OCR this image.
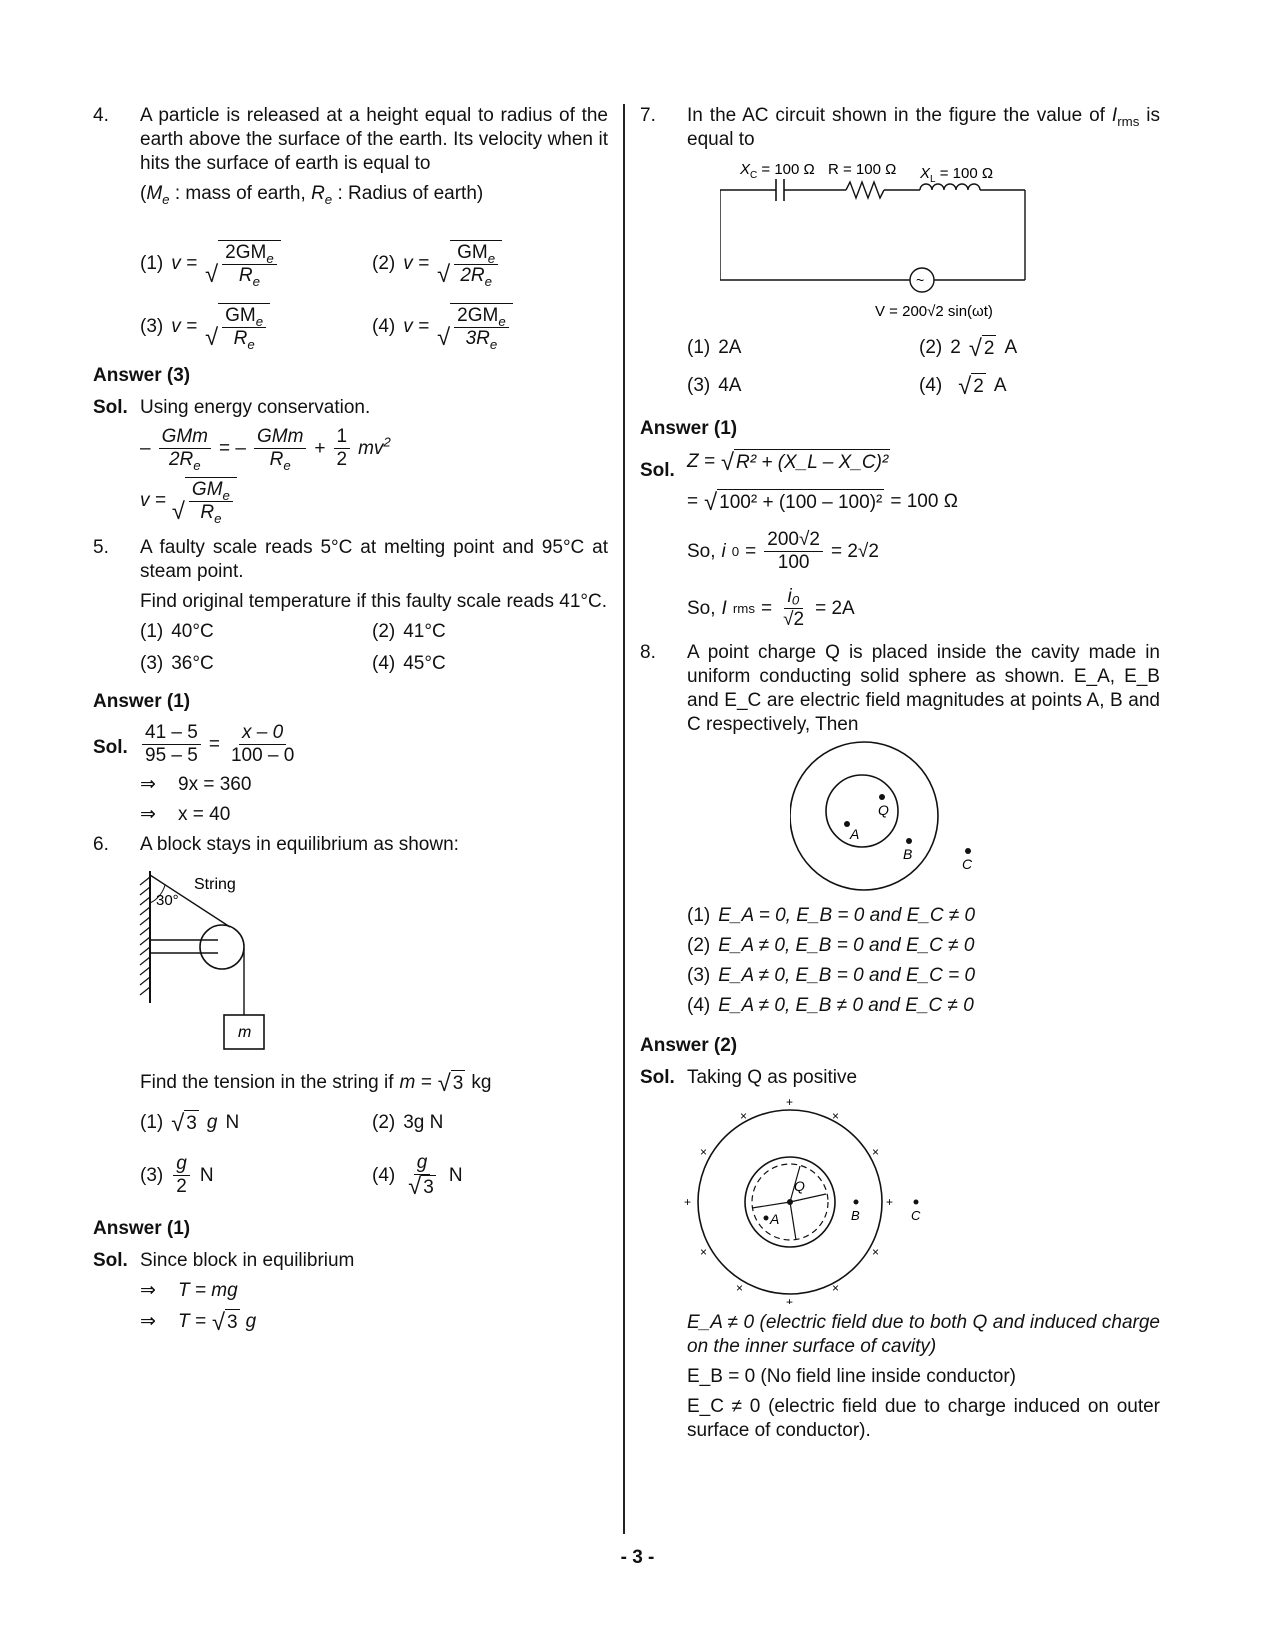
4. A particle is released at a height equal to radius of the earth above the surface of the earth. Its velocity when it hits the surface of earth is equal to

($M_e$ : mass of earth, $R_e$ : Radius of earth)

(1) v = √ $\frac{2GM_e}{R_e}$	(2) v = √ $\frac{GM_e}{2R_e}$
(3) v = √ $\frac{GM_e}{R_e}$	(4) v = √ $\frac{2GM_e}{3R_e}$
Answer (3)
Sol. Using energy conservation.
– $\frac{\text{GMm}}{2R_e}$ = – $\frac{\text{GMm}}{R_e} + \frac{1}{2} mv^2$
v = √ $\frac{GM_e}{R_e}$
5. A faulty scale reads 5°C at melting point and 95°C at steam point.

Find original temperature if this faulty scale reads 41°C.

(1) 40°C	(2) 41°C
(3) 36°C	(4) 45°C
Answer (1)
Sol. $\frac{41 - 5}{95 - 5} = \frac{x - 0}{100 - 0}$
⇒	9x = 360
⇒	x = 40
6. A block stays in equilibrium as shown:

String
30°
m

Find the tension in the string if m = √ 3 kg

(1) √ 3 g N	(2) 3g N
$(3) \frac{g}{2}$ N	$(4) \frac{g}{√ 3}$ N
Answer (1)
Sol. Since block in equilibrium
⇒	T = mg
⇒	T = √ 3 g
7. In the AC circuit shown in the figure the value of $I_{rms}$ is equal to

$X_C = 100$ Ω R = 100 Ω $X_L = 100$ Ω
~
V = 200√2 sin(ωt)
(1) 2A	(2) 2 √ 2 A
(3) 4A	(4) √ 2 A
Answer (1)
Sol. Z = √ R² + (X_L – X_C)²
= √ 100² + (100 – 100)² = 100 Ω
So, i $0 = \frac{200√2}{100} = 2√2$
So, I rms = $\frac{\text{i₀}}{√2} = 2A$
8. A point charge Q is placed inside the cavity made in uniform conducting solid sphere as shown. E_A, E_B and E_C are electric field magnitudes at points A, B and C respectively, Then

Q
A
B
C
(1) E_A = 0, E_B = 0 and E_C ≠ 0
(2) E_A ≠ 0, E_B = 0 and E_C ≠ 0
(3) E_A ≠ 0, E_B = 0 and E_C = 0
(4) E_A ≠ 0, E_B ≠ 0 and E_C ≠ 0
Answer (2)
Sol. Taking Q as positive
Q
A	B	C
+
+
+	+
×	×
×	×
×	×
×	×

E_A ≠ 0 (electric field due to both Q and induced charge on the inner surface of cavity)

E_B = 0 (No field line inside conductor)

E_C ≠ 0 (electric field due to charge induced on outer surface of conductor).

- 3 -
